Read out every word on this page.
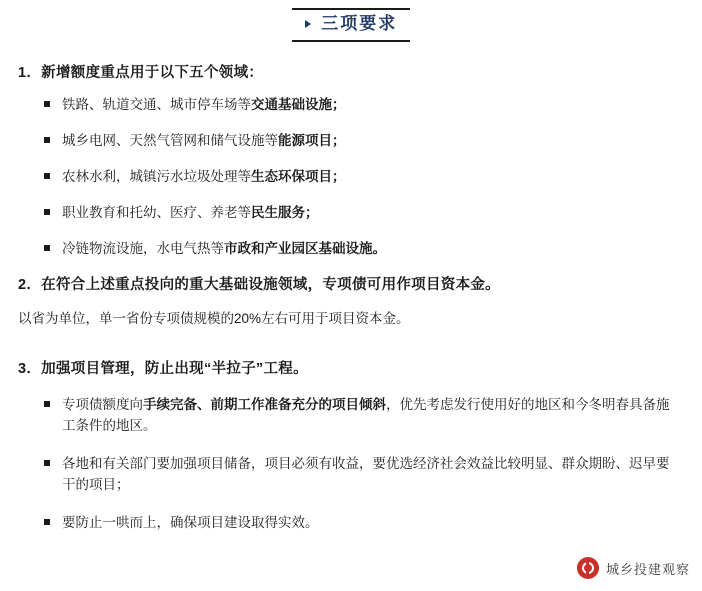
三项要求

1．新增额度重点用于以下五个领域：

铁路、轨道交通、城市停车场等交通基础设施；
城乡电网、天然气管网和储气设施等能源项目；
农林水利，城镇污水垃圾处理等生态环保项目；
职业教育和托幼、医疗、养老等民生服务；
冷链物流设施，水电气热等市政和产业园区基础设施。

2．在符合上述重点投向的重大基础设施领域，专项债可用作项目资本金。

以省为单位，单一省份专项债规模的20%左右可用于项目资本金。

3．加强项目管理，防止出现“半拉子”工程。

专项债额度向手续完备、前期工作准备充分的项目倾斜，优先考虑发行使用好的地区和今冬明春具备施工条件的地区。
各地和有关部门要加强项目储备，项目必须有收益，要优选经济社会效益比较明显、群众期盼、迟早要干的项目；
要防止一哄而上，确保项目建设取得实效。
城乡投建观察
